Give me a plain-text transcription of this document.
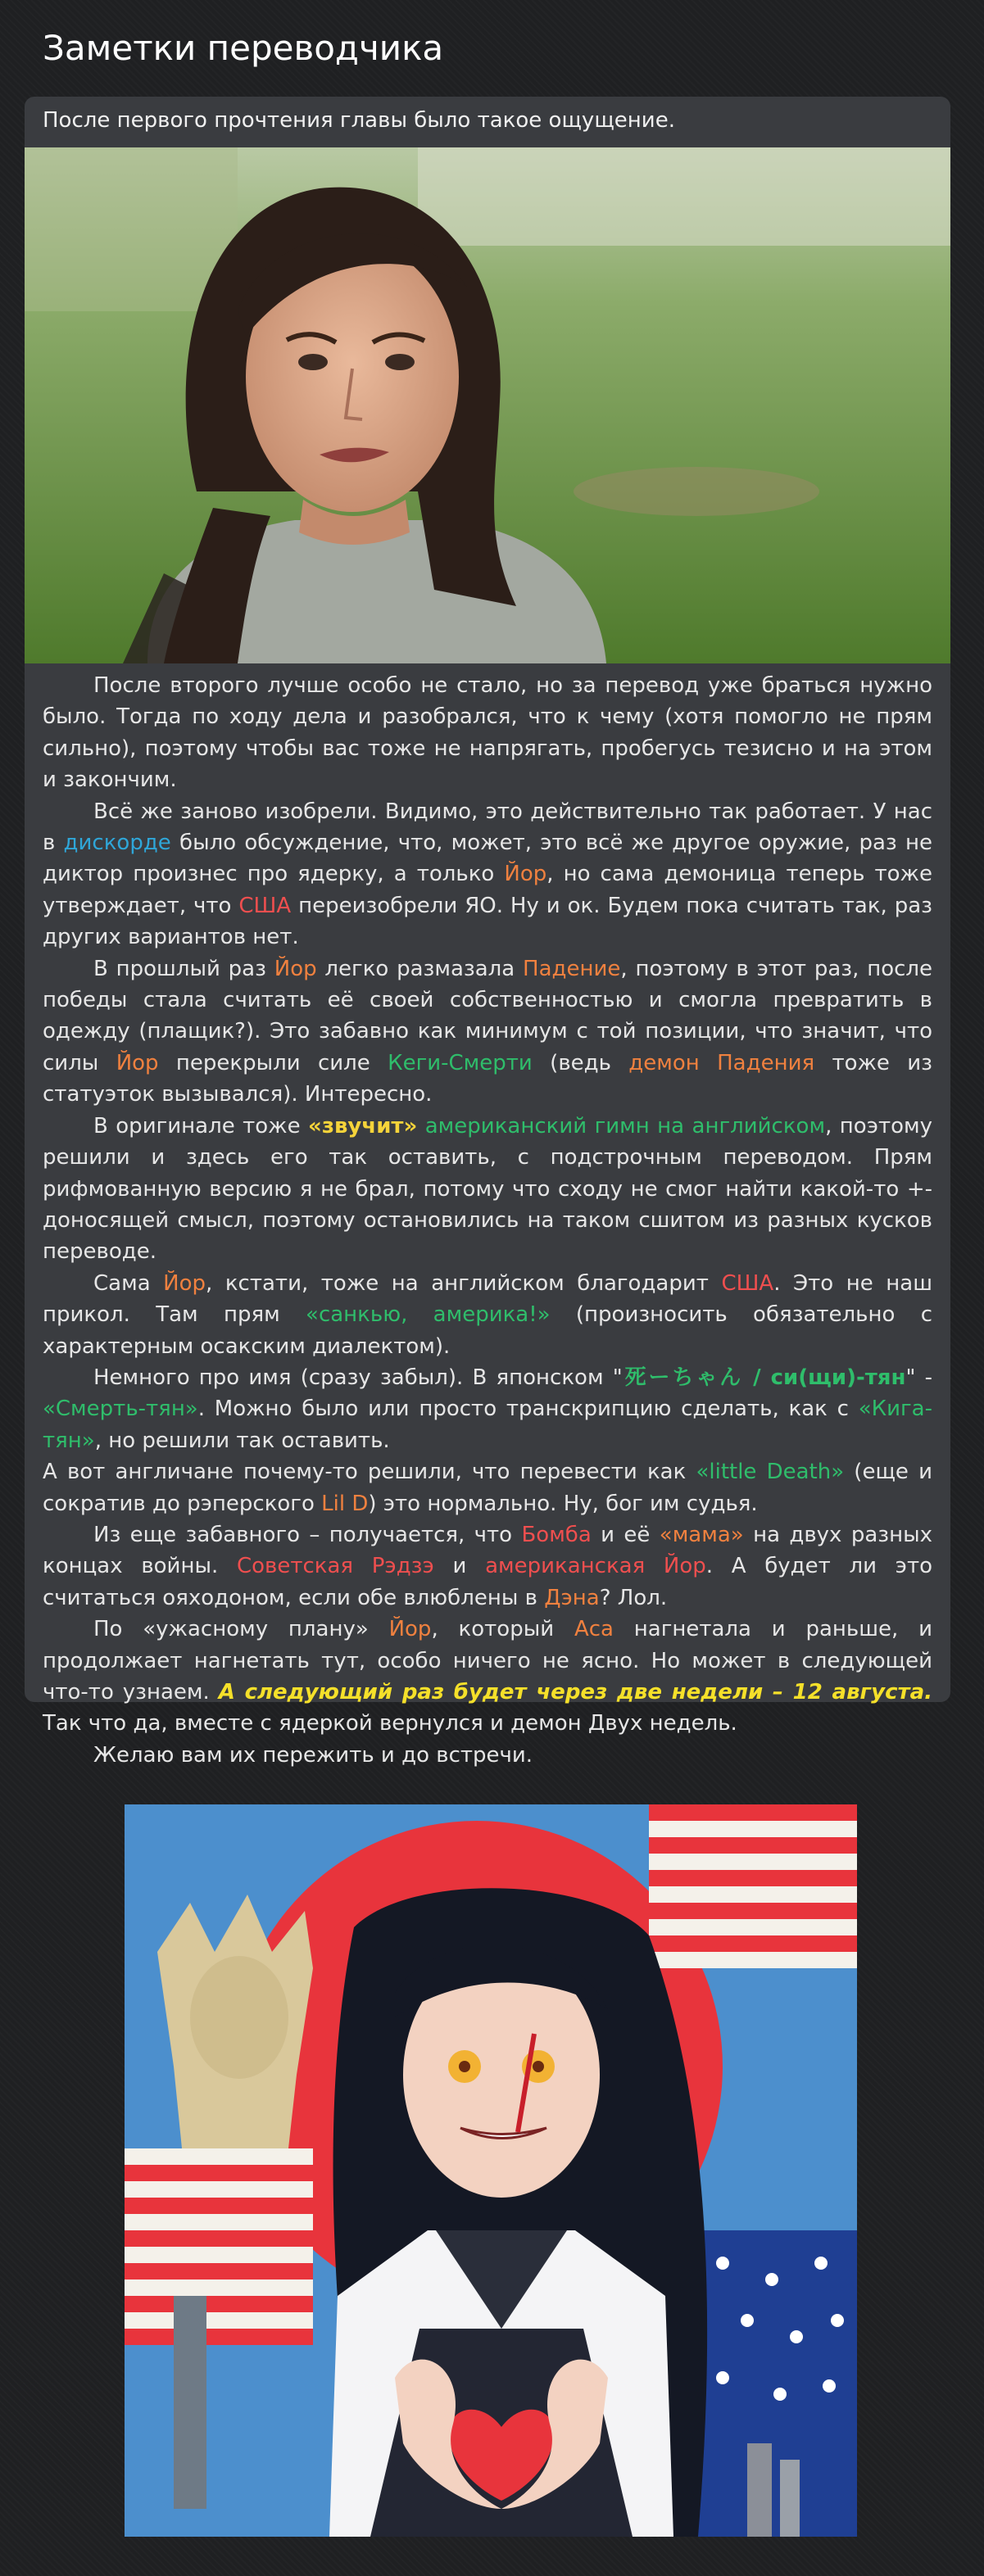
Заметки переводчика
После первого прочтения главы было такое ощущение.

После второго лучше особо не стало, но за перевод уже браться нужно было. Тогда по ходу дела и разобрался, что к чему (хотя помогло не прям сильно), поэтому чтобы вас тоже не напрягать, пробегусь тезисно и на этом и закончим.

Всё же заново изобрели. Видимо, это действительно так работает. У нас в дискорде было обсуждение, что, может, это всё же другое оружие, раз не диктор произнес про ядерку, а только Йор, но сама демоница теперь тоже утверждает, что США переизобрели ЯО. Ну и ок. Будем пока считать так, раз других вариантов нет.

В прошлый раз Йор легко размазала Падение, поэтому в этот раз, после победы стала считать её своей собственностью и смогла превратить в одежду (плащик?). Это забавно как минимум с той позиции, что значит, что силы Йор перекрыли силе Кеги-Смерти (ведь демон Падения тоже из статуэток вызывался). Интересно.

В оригинале тоже «звучит» американский гимн на английском, поэтому решили и здесь его так оставить, с подстрочным переводом. Прям рифмованную версию я не брал, потому что сходу не смог найти какой-то +-доносящей смысл, поэтому остановились на таком сшитом из разных кусков переводе.

Сама Йор, кстати, тоже на английском благодарит США. Это не наш прикол. Там прям «санкью, америка!» (произносить обязательно с характерным осакским диалектом).

Немного про имя (сразу забыл). В японском "死ーちゃん / си(щи)-тян" - «Смерть-тян». Можно было или просто транскрипцию сделать, как с «Кига-тян», но решили так оставить.

А вот англичане почему-то решили, что перевести как «little Death» (еще и сократив до рэперского Lil D) это нормально. Ну, бог им судья.

Из еще забавного – получается, что Бомба и её «мама» на двух разных концах войны. Советская Рэдзэ и американская Йор. А будет ли это считаться ояходоном, если обе влюблены в Дэна? Лол.

По «ужасному плану» Йор, который Аса нагнетала и раньше, и продолжает нагнетать тут, особо ничего не ясно. Но может в следующей что-то узнаем. А следующий раз будет через две недели – 12 августа. Так что да, вместе с ядеркой вернулся и демон Двух недель.

Желаю вам их пережить и до встречи.
